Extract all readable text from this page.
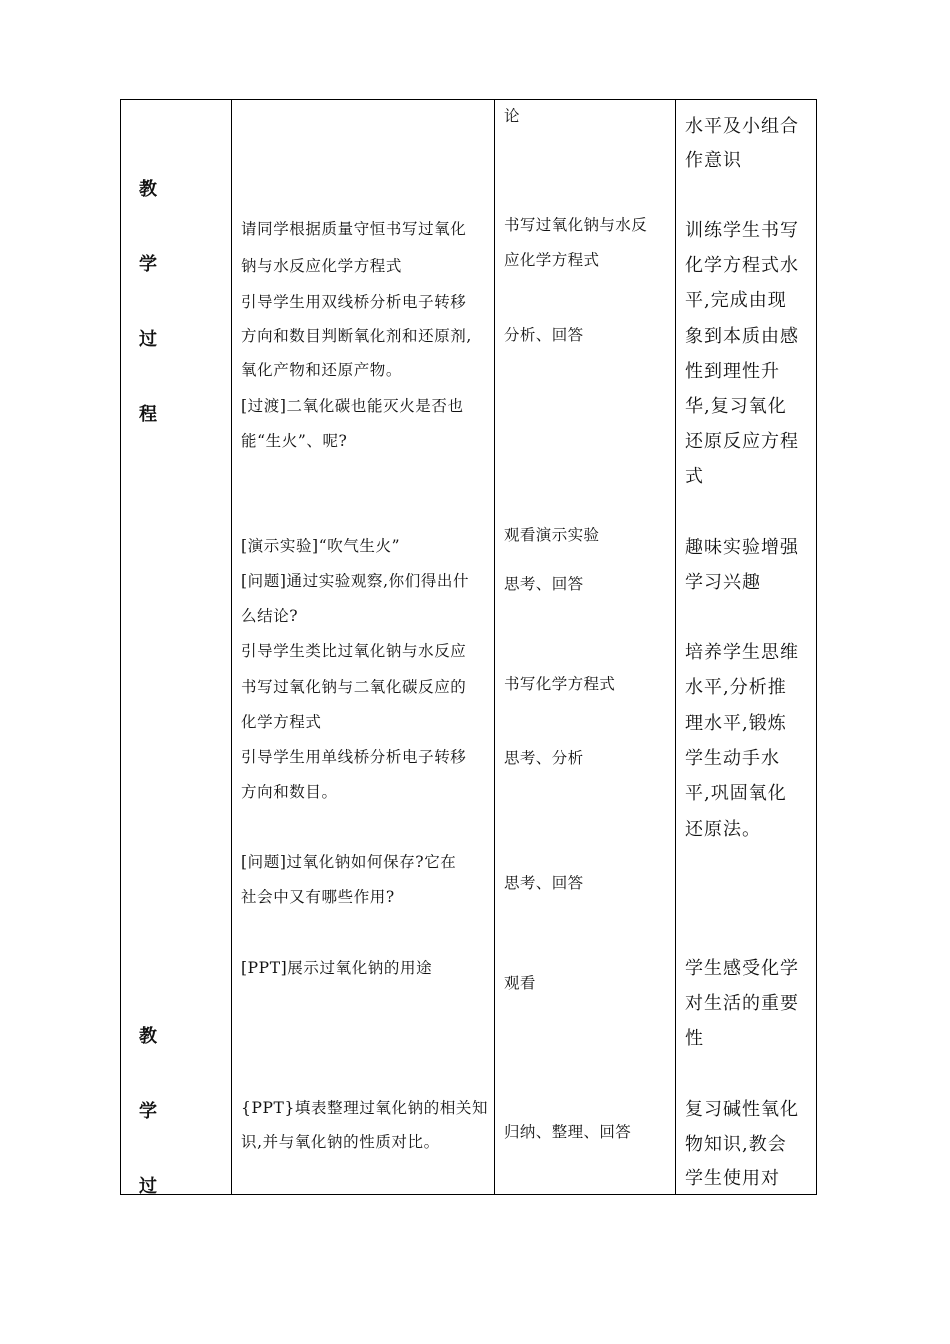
教
学
过
程
教
学
过
请同学根据质量守恒书写过氧化
钠与水反应化学方程式
引导学生用双线桥分析电子转移
方向和数目判断氧化剂和还原剂,
氧化产物和还原产物。
[过渡]二氧化碳也能灭火是否也
能“生火”、呢?
[演示实验]“吹气生火”
[问题]通过实验观察,你们得出什
么结论?
引导学生类比过氧化钠与水反应
书写过氧化钠与二氧化碳反应的
化学方程式
引导学生用单线桥分析电子转移
方向和数目。
[问题]过氧化钠如何保存?它在
社会中又有哪些作用?
[PPT]展示过氧化钠的用途
{PPT}填表整理过氧化钠的相关知
识,并与氧化钠的性质对比。
论
书写过氧化钠与水反
应化学方程式
分析、回答
观看演示实验
思考、回答
书写化学方程式
思考、分析
思考、回答
观看
归纳、整理、回答
水平及小组合
作意识
训练学生书写
化学方程式水
平,完成由现
象到本质由感
性到理性升
华,复习氧化
还原反应方程
式
趣味实验增强
学习兴趣
培养学生思维
水平,分析推
理水平,锻炼
学生动手水
平,巩固氧化
还原法。
学生感受化学
对生活的重要
性
复习碱性氧化
物知识,教会
学生使用对
